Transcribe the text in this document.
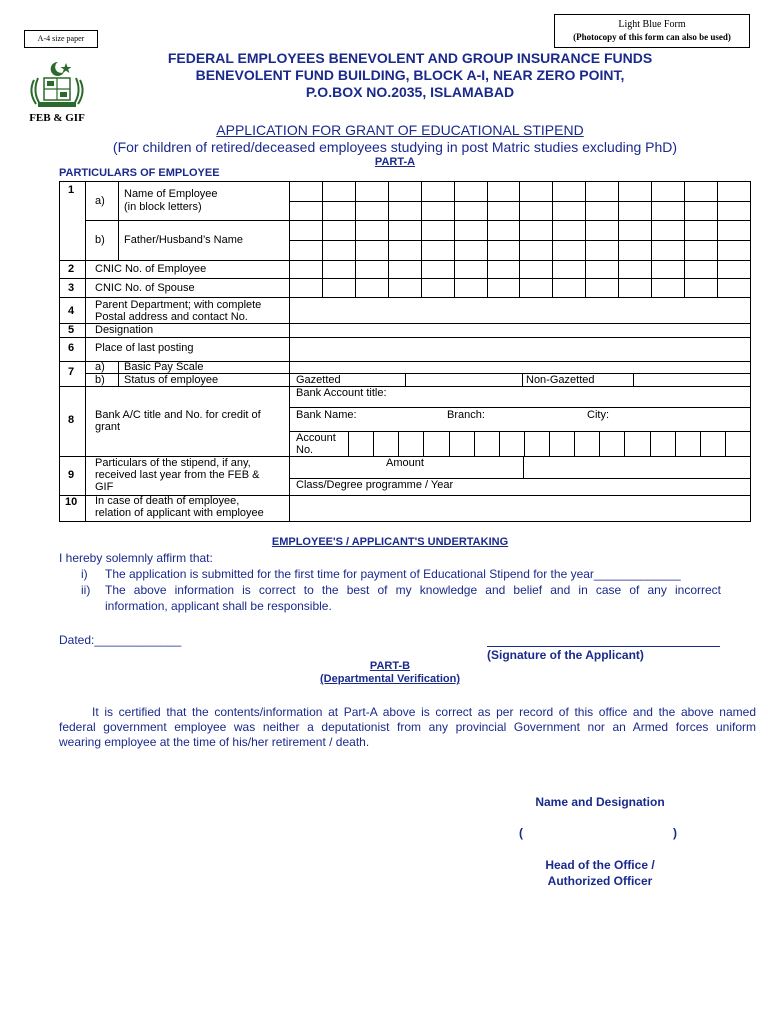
A-4 size paper
Light Blue Form
(Photocopy of this form can also be used)
FEB & GIF
FEDERAL EMPLOYEES BENEVOLENT AND GROUP INSURANCE FUNDS
BENEVOLENT FUND BUILDING, BLOCK A-I, NEAR ZERO POINT,
P.O.BOX NO.2035, ISLAMABAD
APPLICATION FOR GRANT OF EDUCATIONAL STIPEND
(For children of retired/deceased employees studying in post Matric studies excluding PhD)
PART-A
PARTICULARS OF EMPLOYEE
1
a)
Name of Employee
(in block letters)
b) Father/Husband’s Name
2 CNIC No. of Employee
3 CNIC No. of Spouse
4 Parent Department; with complete
Postal address and contact No.
5 Designation
6 Place of last posting
7 a) Basic Pay Scale
b) Status of employee	Gazetted	Non-Gazetted
8 Bank A/C title and No. for credit of
grant
Bank Account title:
Bank Name:	Branch:	City:
Account
No.
9
Particulars of the stipend, if any,
received last year from the FEB &
GIF
Amount
Class/Degree programme / Year
10 In case of death of employee,
relation of applicant with employee
EMPLOYEE'S / APPLICANT'S UNDERTAKING
I hereby solemnly affirm that:
i) The application is submitted for the first time for payment of Educational Stipend for the year_____________
ii) The above information is correct to the best of my knowledge and belief and in case of any incorrect
information, applicant shall be responsible.
Dated:_____________
(Signature of the Applicant)
PART-B
(Departmental Verification)
It is certified that the contents/information at Part-A above is correct as per record of this office and the above named
federal government employee was neither a deputationist from any provincial Government nor an Armed forces uniform
wearing employee at the time of his/her retirement / death.
Name and Designation
(	)
Head of the Office /
Authorized Officer
